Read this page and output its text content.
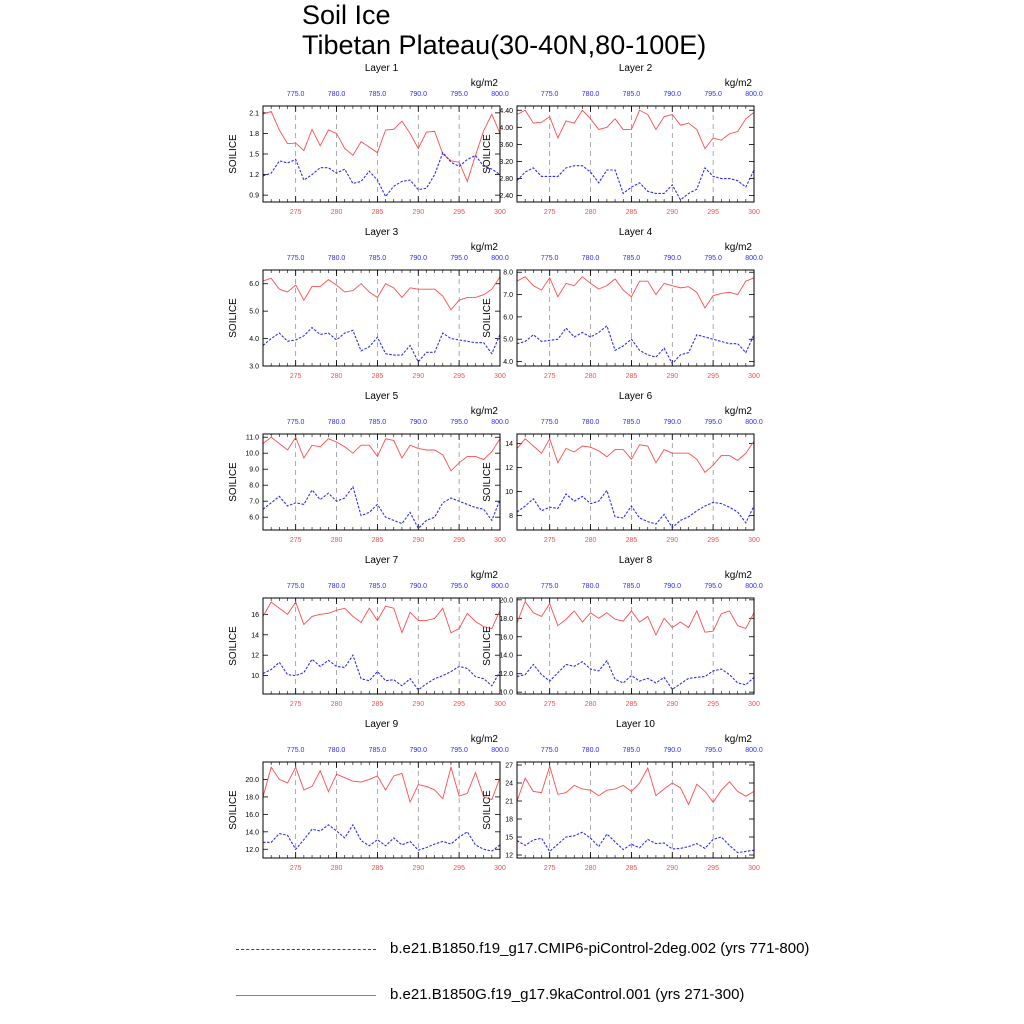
Soil Ice
Tibetan Plateau(30-40N,80-100E)
Layer 1
kg/m2
275	280	285	290	295	300
775.0	780.0	785.0	790.0	795.0	800.0
0.9
1.2
1.5
1.8
2.1
SOILICE
Layer 2
kg/m2
275	280	285	290	295	300
775.0	780.0	785.0	790.0	795.0	800.0
2.40
2.80
3.20
3.60
4.00
4.40
SOILICE
Layer 3
kg/m2
275	280	285	290	295	300
775.0	780.0	785.0	790.0	795.0	800.0
3.0
4.0
5.0
6.0
SOILICE
Layer 4
kg/m2
275	280	285	290	295	300
775.0	780.0	785.0	790.0	795.0	800.0
4.0
5.0
6.0
7.0
8.0
SOILICE
Layer 5
kg/m2
275	280	285	290	295	300
775.0	780.0	785.0	790.0	795.0	800.0
6.0
7.0
8.0
9.0
10.0
11.0
SOILICE
Layer 6
kg/m2
275	280	285	290	295	300
775.0	780.0	785.0	790.0	795.0	800.0
8
10
12
14
SOILICE
Layer 7
kg/m2
275	280	285	290	295	300
775.0	780.0	785.0	790.0	795.0	800.0
10
12
14
16
SOILICE
Layer 8
kg/m2
275	280	285	290	295	300
775.0	780.0	785.0	790.0	795.0	800.0
10.0
12.0
14.0
16.0
18.0
20.0
SOILICE
Layer 9
kg/m2
275	280	285	290	295	300
775.0	780.0	785.0	790.0	795.0	800.0
12.0
14.0
16.0
18.0
20.0
SOILICE
Layer 10
kg/m2
275	280	285	290	295	300
775.0	780.0	785.0	790.0	795.0	800.0
12
15
18
21
24
27
SOILICE
b.e21.B1850.f19_g17.CMIP6-piControl-2deg.002 (yrs 771-800)
b.e21.B1850G.f19_g17.9kaControl.001 (yrs 271-300)
